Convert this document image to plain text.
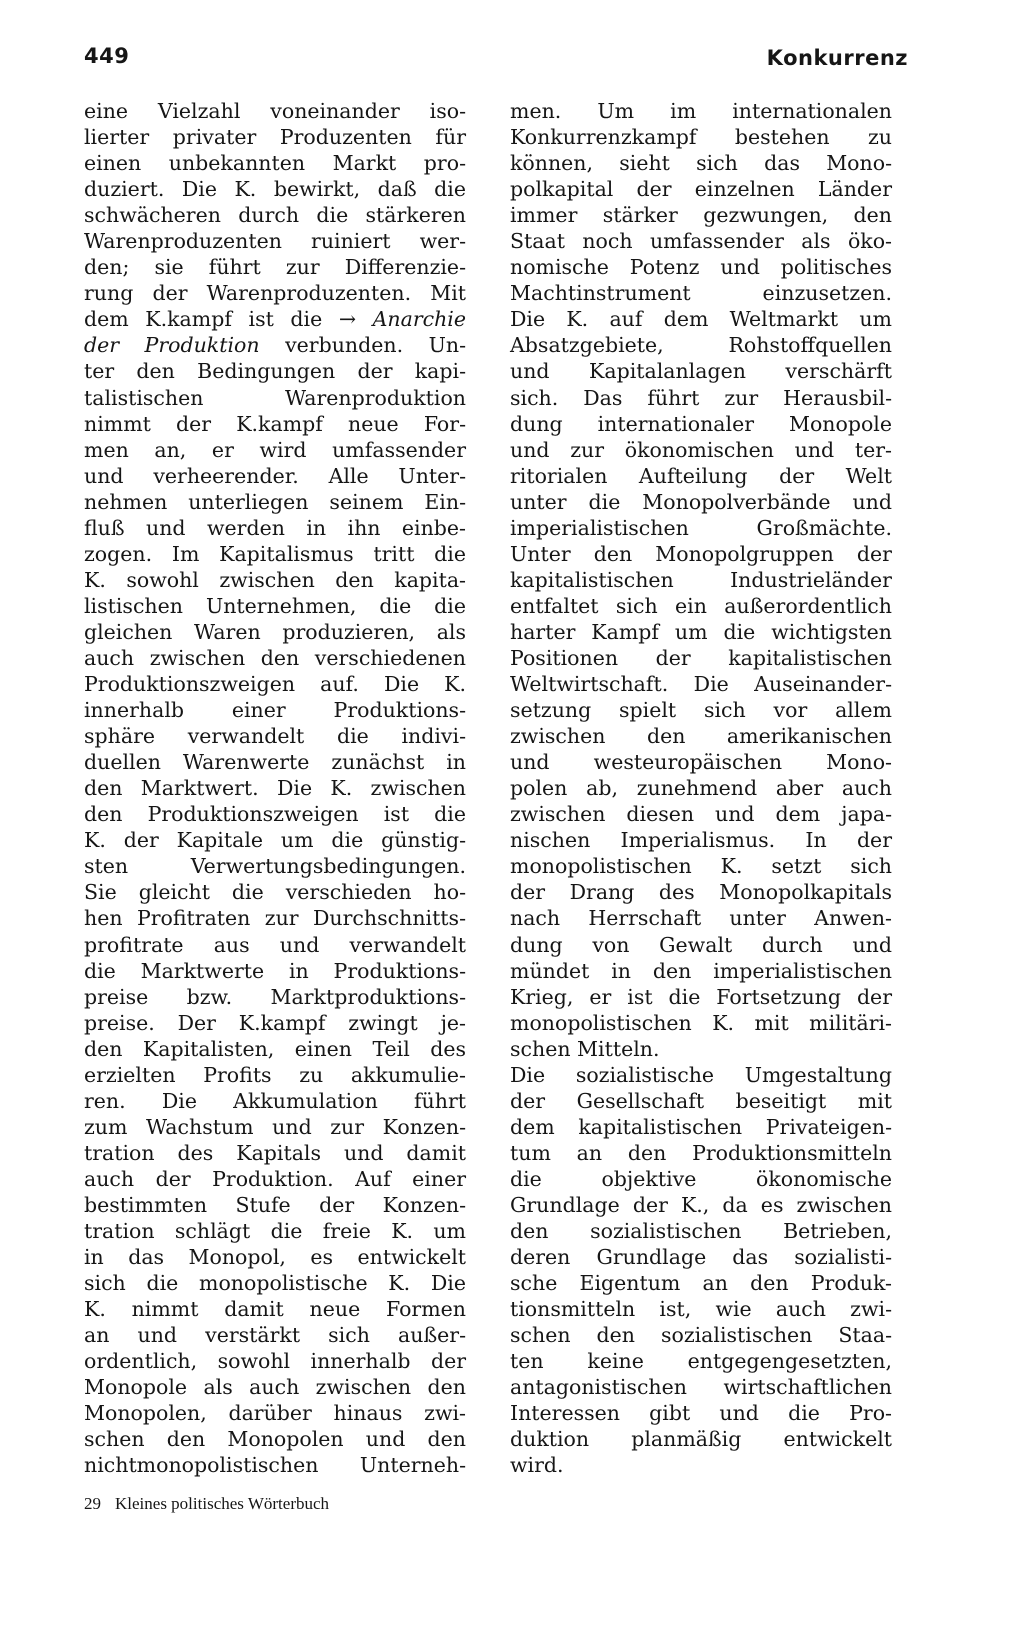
449	Konkurrenz

eine Vielzahl voneinander iso-
lierter privater Produzenten für
einen unbekannten Markt pro-
duziert. Die K. bewirkt, daß die
schwächeren durch die stärkeren
Warenproduzenten ruiniert wer-
den; sie führt zur Differenzie-
rung der Warenproduzenten. Mit
dem K.kampf ist die → Anarchie
der Produktion verbunden. Un-
ter den Bedingungen der kapi-
talistischen Warenproduktion
nimmt der K.kampf neue For-
men an, er wird umfassender
und verheerender. Alle Unter-
nehmen unterliegen seinem Ein-
fluß und werden in ihn einbe-
zogen. Im Kapitalismus tritt die
K. sowohl zwischen den kapita-
listischen Unternehmen, die die
gleichen Waren produzieren, als
auch zwischen den verschiedenen
Produktionszweigen auf. Die K.
innerhalb einer Produktions-
sphäre verwandelt die indivi-
duellen Warenwerte zunächst in
den Marktwert. Die K. zwischen
den Produktionszweigen ist die
K. der Kapitale um die günstig-
sten Verwertungsbedingungen.
Sie gleicht die verschieden ho-
hen Profitraten zur Durchschnitts-
profitrate aus und verwandelt
die Marktwerte in Produktions-
preise bzw. Marktproduktions-
preise. Der K.kampf zwingt je-
den Kapitalisten, einen Teil des
erzielten Profits zu akkumulie-
ren. Die Akkumulation führt
zum Wachstum und zur Konzen-
tration des Kapitals und damit
auch der Produktion. Auf einer
bestimmten Stufe der Konzen-
tration schlägt die freie K. um
in das Monopol, es entwickelt
sich die monopolistische K. Die
K. nimmt damit neue Formen
an und verstärkt sich außer-
ordentlich, sowohl innerhalb der
Monopole als auch zwischen den
Monopolen, darüber hinaus zwi-
schen den Monopolen und den
nichtmonopolistischen Unterneh-

men. Um im internationalen
Konkurrenzkampf bestehen zu
können, sieht sich das Mono-
polkapital der einzelnen Länder
immer stärker gezwungen, den
Staat noch umfassender als öko-
nomische Potenz und politisches
Machtinstrument einzusetzen.
Die K. auf dem Weltmarkt um
Absatzgebiete, Rohstoffquellen
und Kapitalanlagen verschärft
sich. Das führt zur Herausbil-
dung internationaler Monopole
und zur ökonomischen und ter-
ritorialen Aufteilung der Welt
unter die Monopolverbände und
imperialistischen Großmächte.
Unter den Monopolgruppen der
kapitalistischen Industrieländer
entfaltet sich ein außerordentlich
harter Kampf um die wichtigsten
Positionen der kapitalistischen
Weltwirtschaft. Die Auseinander-
setzung spielt sich vor allem
zwischen den amerikanischen
und westeuropäischen Mono-
polen ab, zunehmend aber auch
zwischen diesen und dem japa-
nischen Imperialismus. In der
monopolistischen K. setzt sich
der Drang des Monopolkapitals
nach Herrschaft unter Anwen-
dung von Gewalt durch und
mündet in den imperialistischen
Krieg, er ist die Fortsetzung der
monopolistischen K. mit militäri-
schen Mitteln.

Die sozialistische Umgestaltung
der Gesellschaft beseitigt mit
dem kapitalistischen Privateigen-
tum an den Produktionsmitteln
die objektive ökonomische
Grundlage der K., da es zwischen
den sozialistischen Betrieben,
deren Grundlage das sozialisti-
sche Eigentum an den Produk-
tionsmitteln ist, wie auch zwi-
schen den sozialistischen Staa-
ten keine entgegengesetzten,
antagonistischen wirtschaftlichen
Interessen gibt und die Pro-
duktion planmäßig entwickelt
wird.

29 Kleines politisches Wörterbuch
